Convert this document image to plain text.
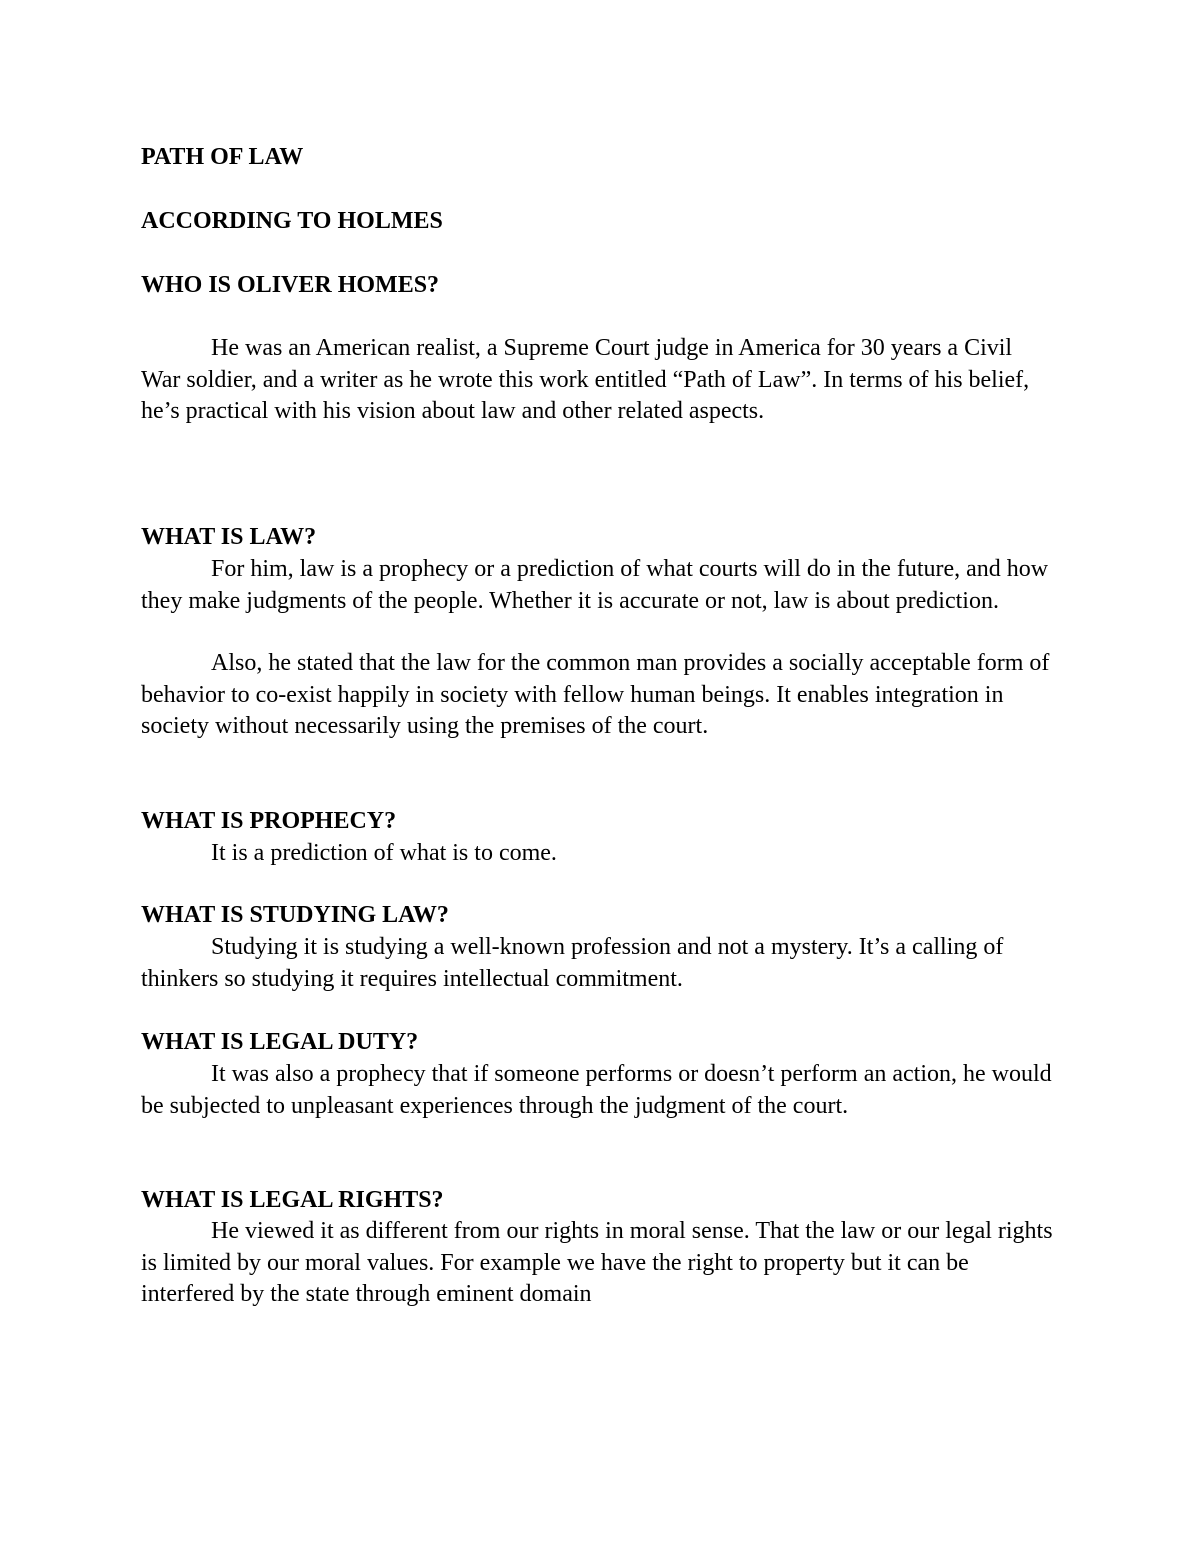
PATH OF LAW
ACCORDING TO HOLMES
WHO IS OLIVER HOMES?

He was an American realist, a Supreme Court judge in America for 30 years a Civil War soldier, and a writer as he wrote this work entitled “Path of Law”. In terms of his belief, he’s practical with his vision about law and other related aspects.

WHAT IS LAW?

For him, law is a prophecy or a prediction of what courts will do in the future, and how they make judgments of the people. Whether it is accurate or not, law is about prediction.

Also, he stated that the law for the common man provides a socially acceptable form of behavior to co-exist happily in society with fellow human beings. It enables integration in society without necessarily using the premises of the court.

WHAT IS PROPHECY?

It is a prediction of what is to come.

WHAT IS STUDYING LAW?

Studying it is studying a well-known profession and not a mystery. It’s a calling of thinkers so studying it requires intellectual commitment.

WHAT IS LEGAL DUTY?

It was also a prophecy that if someone performs or doesn’t perform an action, he would be subjected to unpleasant experiences through the judgment of the court.

WHAT IS LEGAL RIGHTS?

He viewed it as different from our rights in moral sense. That the law or our legal rights is limited by our moral values. For example we have the right to property but it can be interfered by the state through eminent domain
